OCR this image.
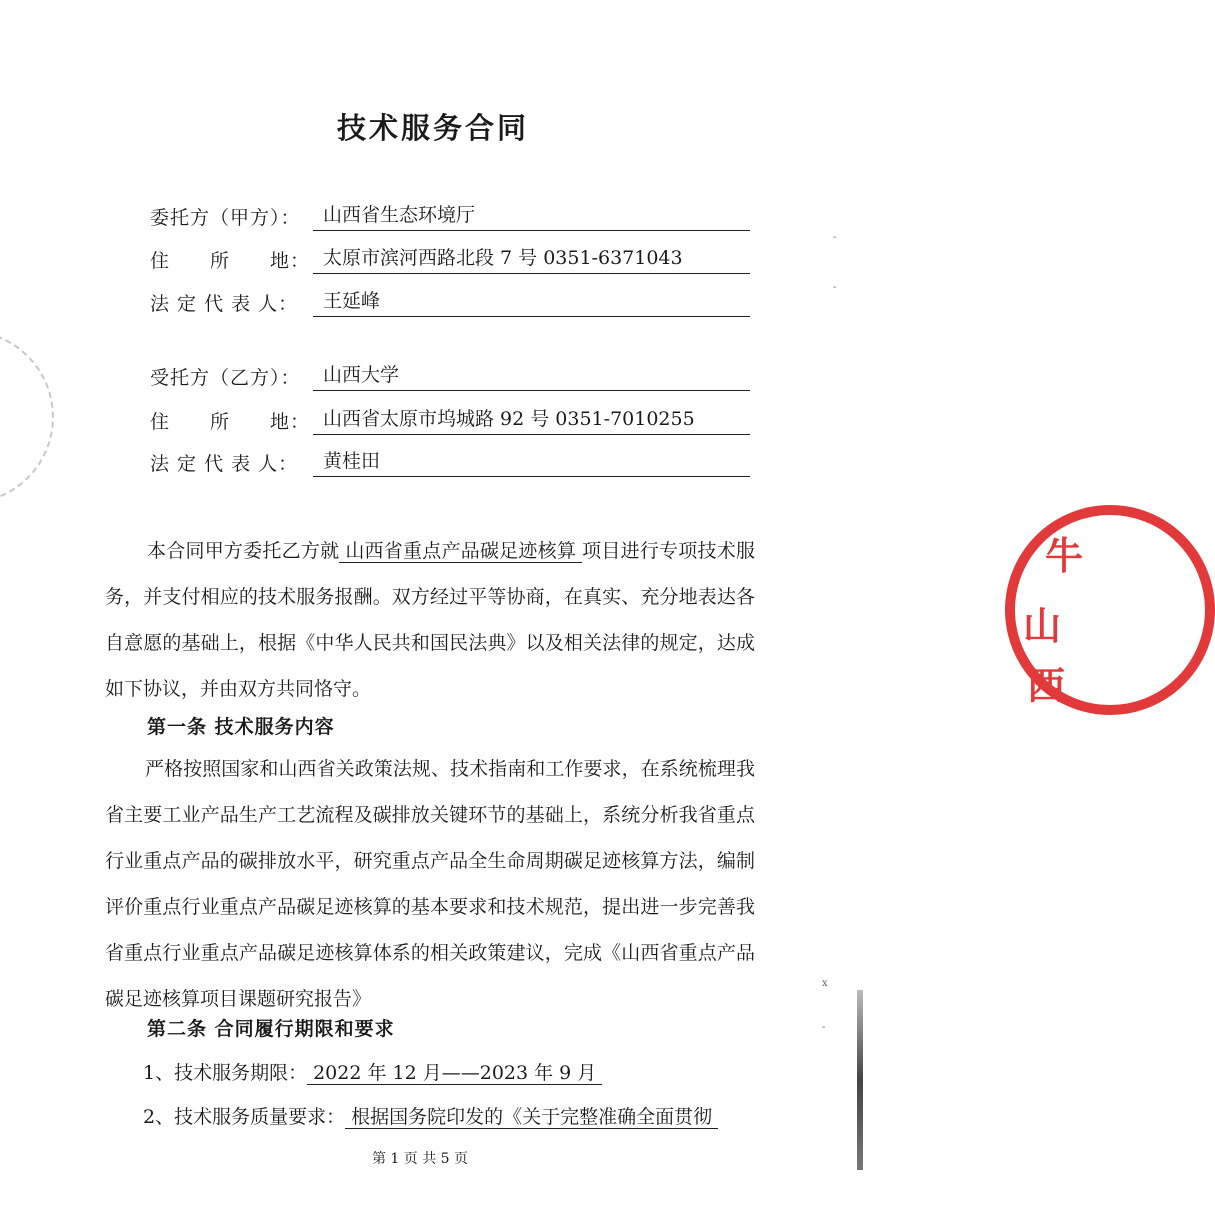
牛
山
西
-
-
x
-
技术服务合同
委托方（甲方）：	山西省生态环境厅
住　　所　　地： 太原市滨河西路北段 7 号 0351-6371043
法 定 代 表 人：	王延峰
受托方（乙方）：	山西大学
住　　所　　地： 山西省太原市坞城路 92 号 0351-7010255
法 定 代 表 人：	黄桂田
本合同甲方委托乙方就 山西省重点产品碳足迹核算 项目进行专项技术服务，并支付相应的技术服务报酬。双方经过平等协商，在真实、充分地表达各自意愿的基础上，根据《中华人民共和国民法典》以及相关法律的规定，达成如下协议，并由双方共同恪守。
第一条 技术服务内容
严格按照国家和山西省关政策法规、技术指南和工作要求，在系统梳理我省主要工业产品生产工艺流程及碳排放关键环节的基础上，系统分析我省重点行业重点产品的碳排放水平，研究重点产品全生命周期碳足迹核算方法，编制评价重点行业重点产品碳足迹核算的基本要求和技术规范，提出进一步完善我省重点行业重点产品碳足迹核算体系的相关政策建议，完成《山西省重点产品碳足迹核算项目课题研究报告》
第二条 合同履行期限和要求
1、技术服务期限： 2022 年 12 月——2023 年 9 月
2、技术服务质量要求： 根据国务院印发的《关于完整准确全面贯彻
第 1 页 共 5 页
